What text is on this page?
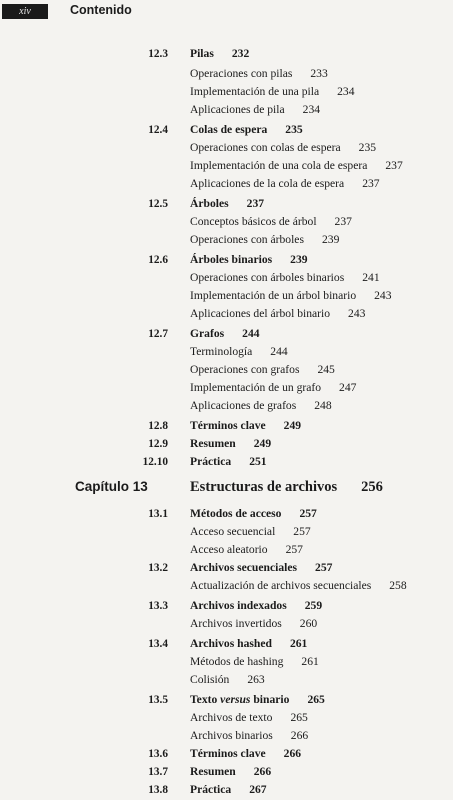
xiv	Contenido
12.3 Pilas 232
Operaciones con pilas 233
Implementación de una pila 234
Aplicaciones de pila 234
12.4 Colas de espera 235
Operaciones con colas de espera 235
Implementación de una cola de espera 237
Aplicaciones de la cola de espera 237
12.5 Árboles 237
Conceptos básicos de árbol 237
Operaciones con árboles 239
12.6 Árboles binarios 239
Operaciones con árboles binarios 241
Implementación de un árbol binario 243
Aplicaciones del árbol binario 243
12.7 Grafos 244
Terminología 244
Operaciones con grafos 245
Implementación de un grafo 247
Aplicaciones de grafos 248
12.8 Términos clave 249
12.9 Resumen 249
12.10 Práctica 251
Capítulo 13	Estructuras de archivos 256
13.1 Métodos de acceso 257
Acceso secuencial 257
Acceso aleatorio 257
13.2 Archivos secuenciales 257
Actualización de archivos secuenciales 258
13.3 Archivos indexados 259
Archivos invertidos 260
13.4 Archivos hashed 261
Métodos de hashing 261
Colisión 263
13.5 Texto versus binario 265
Archivos de texto 265
Archivos binarios 266
13.6 Términos clave 266
13.7 Resumen 266
13.8 Práctica 267
